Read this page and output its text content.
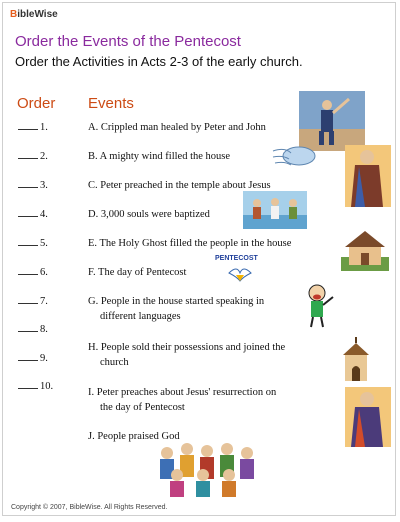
BibleWise
Order the Events of the Pentecost
Order the Activities in Acts 2-3 of the early church.
Order Events
1.
2.
3.
4.
5.
6.
7.
8.
9.
10.
A. Crippled man healed by Peter and John
B. A mighty wind filled the house
C. Peter preached in the temple about Jesus
D. 3,000 souls were baptized
E. The Holy Ghost filled the people in the house
F. The day of Pentecost
G. People in the house started speaking in
different languages
H. People sold their possessions and joined the
church
I. Peter preaches about Jesus' resurrection on
the day of Pentecost
J. People praised God
PENTECOST
Copyright © 2007, BibleWise. All Rights Reserved.
